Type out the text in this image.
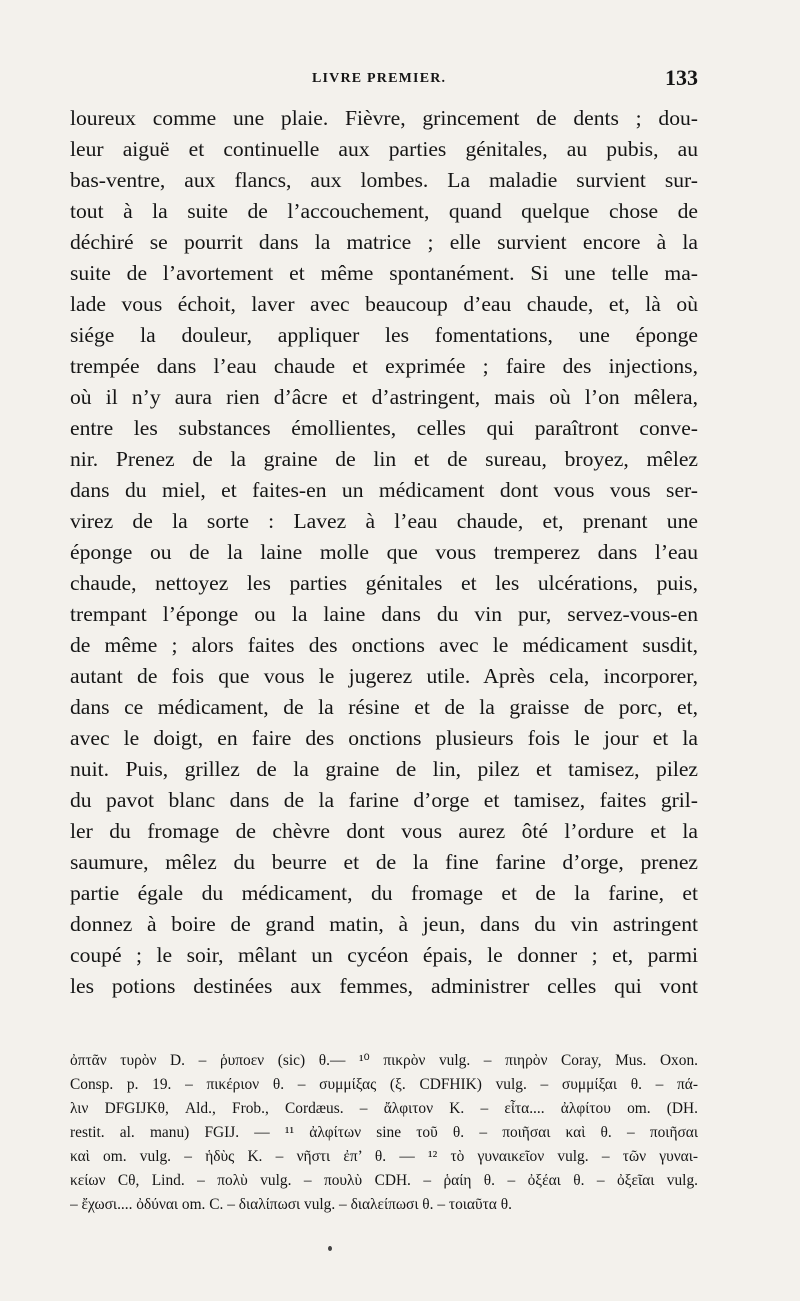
LIVRE PREMIER.	133
loureux comme une plaie. Fièvre, grincement de dents ; dou-
leur aiguë et continuelle aux parties génitales, au pubis, au
bas-ventre, aux flancs, aux lombes. La maladie survient sur-
tout à la suite de l’accouchement, quand quelque chose de
déchiré se pourrit dans la matrice ; elle survient encore à la
suite de l’avortement et même spontanément. Si une telle ma-
lade vous échoit, laver avec beaucoup d’eau chaude, et, là où
siége la douleur, appliquer les fomentations, une éponge
trempée dans l’eau chaude et exprimée ; faire des injections,
où il n’y aura rien d’âcre et d’astringent, mais où l’on mêlera,
entre les substances émollientes, celles qui paraîtront conve-
nir. Prenez de la graine de lin et de sureau, broyez, mêlez
dans du miel, et faites-en un médicament dont vous vous ser-
virez de la sorte : Lavez à l’eau chaude, et, prenant une
éponge ou de la laine molle que vous tremperez dans l’eau
chaude, nettoyez les parties génitales et les ulcérations, puis,
trempant l’éponge ou la laine dans du vin pur, servez-vous-en
de même ; alors faites des onctions avec le médicament susdit,
autant de fois que vous le jugerez utile. Après cela, incorporer,
dans ce médicament, de la résine et de la graisse de porc, et,
avec le doigt, en faire des onctions plusieurs fois le jour et la
nuit. Puis, grillez de la graine de lin, pilez et tamisez, pilez
du pavot blanc dans de la farine d’orge et tamisez, faites gril-
ler du fromage de chèvre dont vous aurez ôté l’ordure et la
saumure, mêlez du beurre et de la fine farine d’orge, prenez
partie égale du médicament, du fromage et de la farine, et
donnez à boire de grand matin, à jeun, dans du vin astringent
coupé ; le soir, mêlant un cycéon épais, le donner ; et, parmi
les potions destinées aux femmes, administrer celles qui vont
ὀπτᾶν τυρὸν D. – ῥυποεν (sic) θ.— ¹⁰ πικρὸν vulg. – πιηρὸν Coray, Mus. Oxon.
Consp. p. 19. – πικέριον θ. – συμμίξας (ξ. CDFHIK) vulg. – συμμίξαι θ. – πά-
λιν DFGIJKθ, Ald., Frob., Cordæus. – ἄλφιτον K. – εἶτα.... ἀλφίτου om. (DH.
restit. al. manu) FGIJ. — ¹¹ ἀλφίτων sine τοῦ θ. – ποιῆσαι καὶ θ. – ποιῆσαι
καὶ om. vulg. – ἡδὺς K. – νῆστι ἐπ’ θ. — ¹² τὸ γυναικεῖον vulg. – τῶν γυναι-
κείων Cθ, Lind. – πολὺ vulg. – πουλὺ CDH. – ῥαίη θ. – ὀξέαι θ. – ὀξεῖαι vulg.
– ἔχωσι.... ὀδύναι om. C. – διαλίπωσι vulg. – διαλείπωσι θ. – τοιαῦτα θ.
